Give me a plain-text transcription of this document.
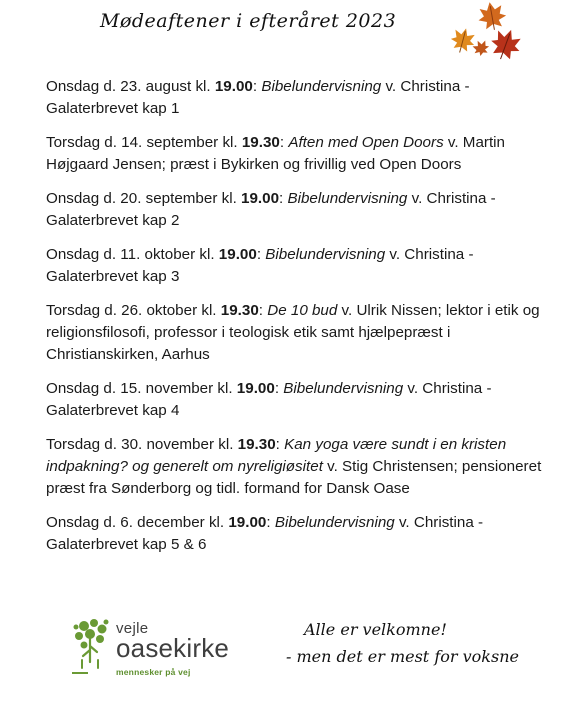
Mødeaftener i efteråret 2023

Onsdag d. 23. august kl. 19.00: Bibelundervisning v. Christina - Galaterbrevet kap 1

Torsdag d. 14. september kl. 19.30: Aften med Open Doors v. Martin Højgaard Jensen; præst i Bykirken og frivillig ved Open Doors

Onsdag d. 20. september kl. 19.00: Bibelundervisning v. Christina - Galaterbrevet kap 2

Onsdag d. 11. oktober kl. 19.00: Bibelundervisning v. Christina - Galaterbrevet kap 3

Torsdag d. 26. oktober kl. 19.30: De 10 bud v. Ulrik Nissen; lektor i etik og religionsfilosofi, professor i teologisk etik samt hjælpepræst i Christianskirken, Aarhus

Onsdag d. 15. november kl. 19.00: Bibelundervisning v. Christina - Galaterbrevet kap 4

Torsdag d. 30. november kl. 19.30: Kan yoga være sundt i en kristen indpakning? og generelt om nyreligiøsitet v. Stig Christensen; pensioneret præst fra Sønderborg og tidl. formand for Dansk Oase

Onsdag d. 6. december kl. 19.00: Bibelundervisning v. Christina - Galaterbrevet kap 5 & 6

vejle
oasekirke
mennesker på vej
Alle er velkomne!
- men det er mest for voksne
